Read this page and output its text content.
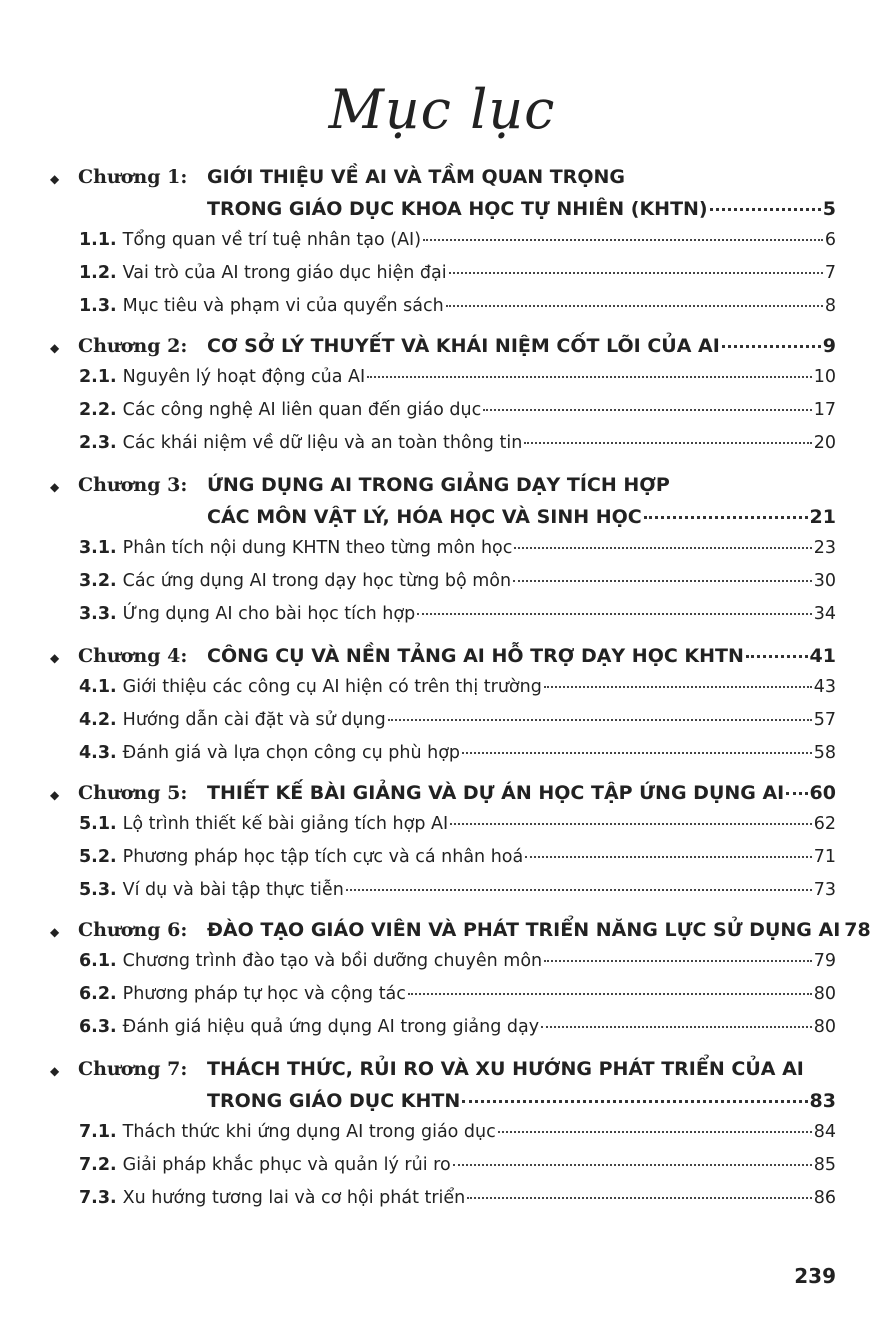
Mục lục
◆ Chương 1: GIỚI THIỆU VỀ AI VÀ TẦM QUAN TRỌNG
TRONG GIÁO DỤC KHOA HỌC TỰ NHIÊN (KHTN)	5
1.1. Tổng quan về trí tuệ nhân tạo (AI)	6
1.2. Vai trò của AI trong giáo dục hiện đại	7
1.3. Mục tiêu và phạm vi của quyển sách	8
◆ Chương 2: CƠ SỞ LÝ THUYẾT VÀ KHÁI NIỆM CỐT LÕI CỦA AI	9
2.1. Nguyên lý hoạt động của AI	10
2.2. Các công nghệ AI liên quan đến giáo dục	17
2.3. Các khái niệm về dữ liệu và an toàn thông tin	20
◆ Chương 3: ỨNG DỤNG AI TRONG GIẢNG DẠY TÍCH HỢP
CÁC MÔN VẬT LÝ, HÓA HỌC VÀ SINH HỌC	21
3.1. Phân tích nội dung KHTN theo từng môn học	23
3.2. Các ứng dụng AI trong dạy học từng bộ môn	30
3.3. Ứng dụng AI cho bài học tích hợp	34
◆ Chương 4: CÔNG CỤ VÀ NỀN TẢNG AI HỖ TRỢ DẠY HỌC KHTN	41
4.1. Giới thiệu các công cụ AI hiện có trên thị trường	43
4.2. Hướng dẫn cài đặt và sử dụng	57
4.3. Đánh giá và lựa chọn công cụ phù hợp	58
◆ Chương 5: THIẾT KẾ BÀI GIẢNG VÀ DỰ ÁN HỌC TẬP ỨNG DỤNG AI 60
5.1. Lộ trình thiết kế bài giảng tích hợp AI	62
5.2. Phương pháp học tập tích cực và cá nhân hoá	71
5.3. Ví dụ và bài tập thực tiễn	73
◆ Chương 6: ĐÀO TẠO GIÁO VIÊN VÀ PHÁT TRIỂN NĂNG LỰC SỬ DỤNG AI 78
6.1. Chương trình đào tạo và bồi dưỡng chuyên môn	79
6.2. Phương pháp tự học và cộng tác	80
6.3. Đánh giá hiệu quả ứng dụng AI trong giảng dạy	80
◆ Chương 7: THÁCH THỨC, RỦI RO VÀ XU HƯỚNG PHÁT TRIỂN CỦA AI
TRONG GIÁO DỤC KHTN	83
7.1. Thách thức khi ứng dụng AI trong giáo dục	84
7.2. Giải pháp khắc phục và quản lý rủi ro	85
7.3. Xu hướng tương lai và cơ hội phát triển	86
239
